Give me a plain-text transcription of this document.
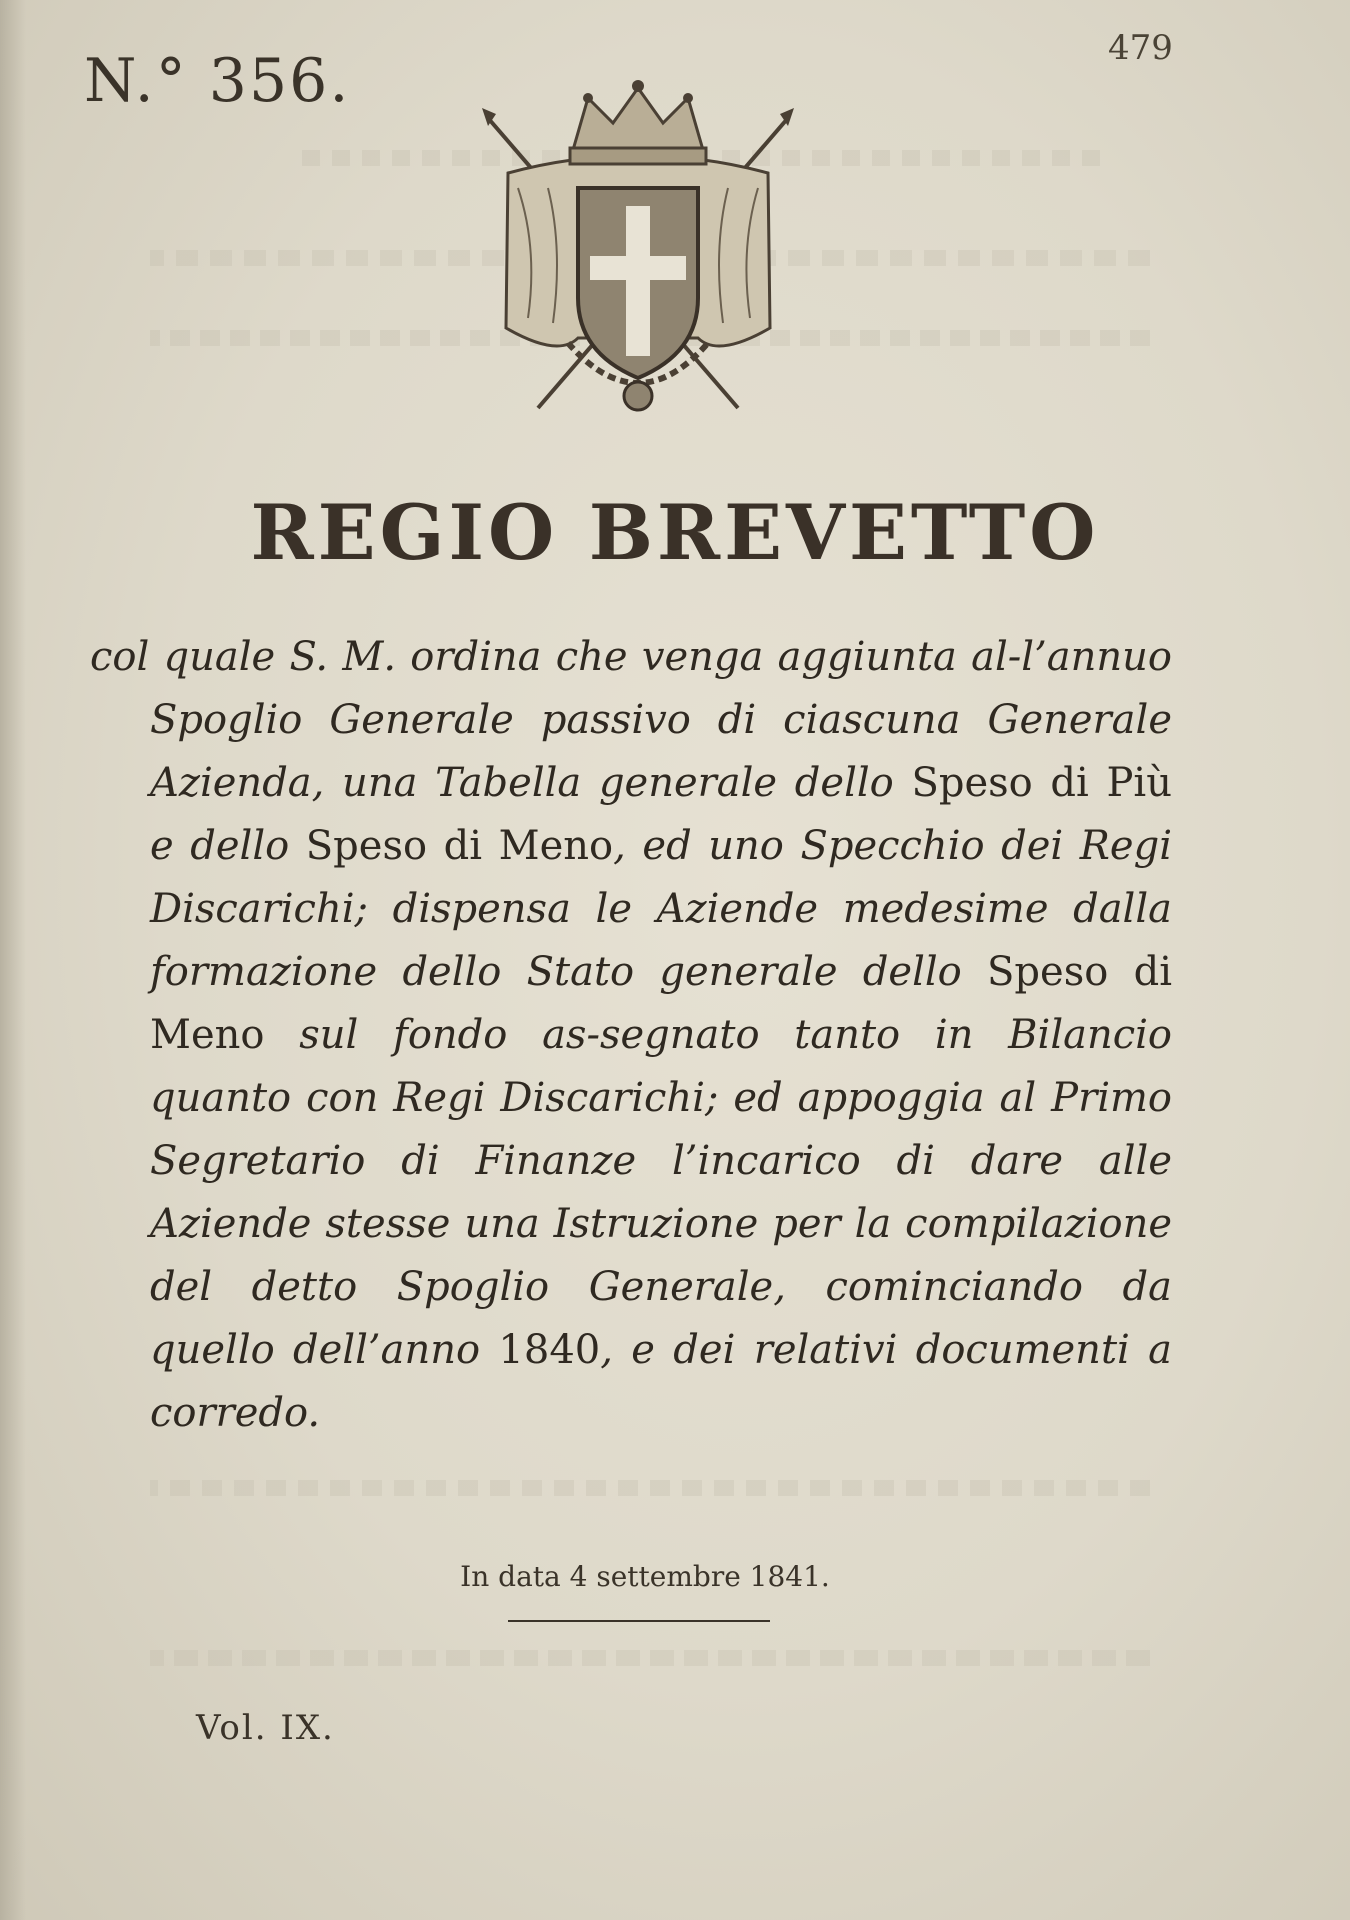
N.° 356.	479
REGIO BREVETTO
col quale S. M. ordina che venga aggiunta al-l’annuo Spoglio Generale passivo di ciascuna Generale Azienda, una Tabella generale dello Speso di Più e dello Speso di Meno, ed uno Specchio dei Regi Discarichi; dispensa le Aziende medesime dalla formazione dello Stato generale dello Speso di Meno sul fondo as-segnato tanto in Bilancio quanto con Regi Discarichi; ed appoggia al Primo Segretario di Finanze l’incarico di dare alle Aziende stesse una Istruzione per la compilazione del detto Spoglio Generale, cominciando da quello dell’anno 1840, e dei relativi documenti a corredo.
In data 4 settembre 1841.
Vol. IX.
